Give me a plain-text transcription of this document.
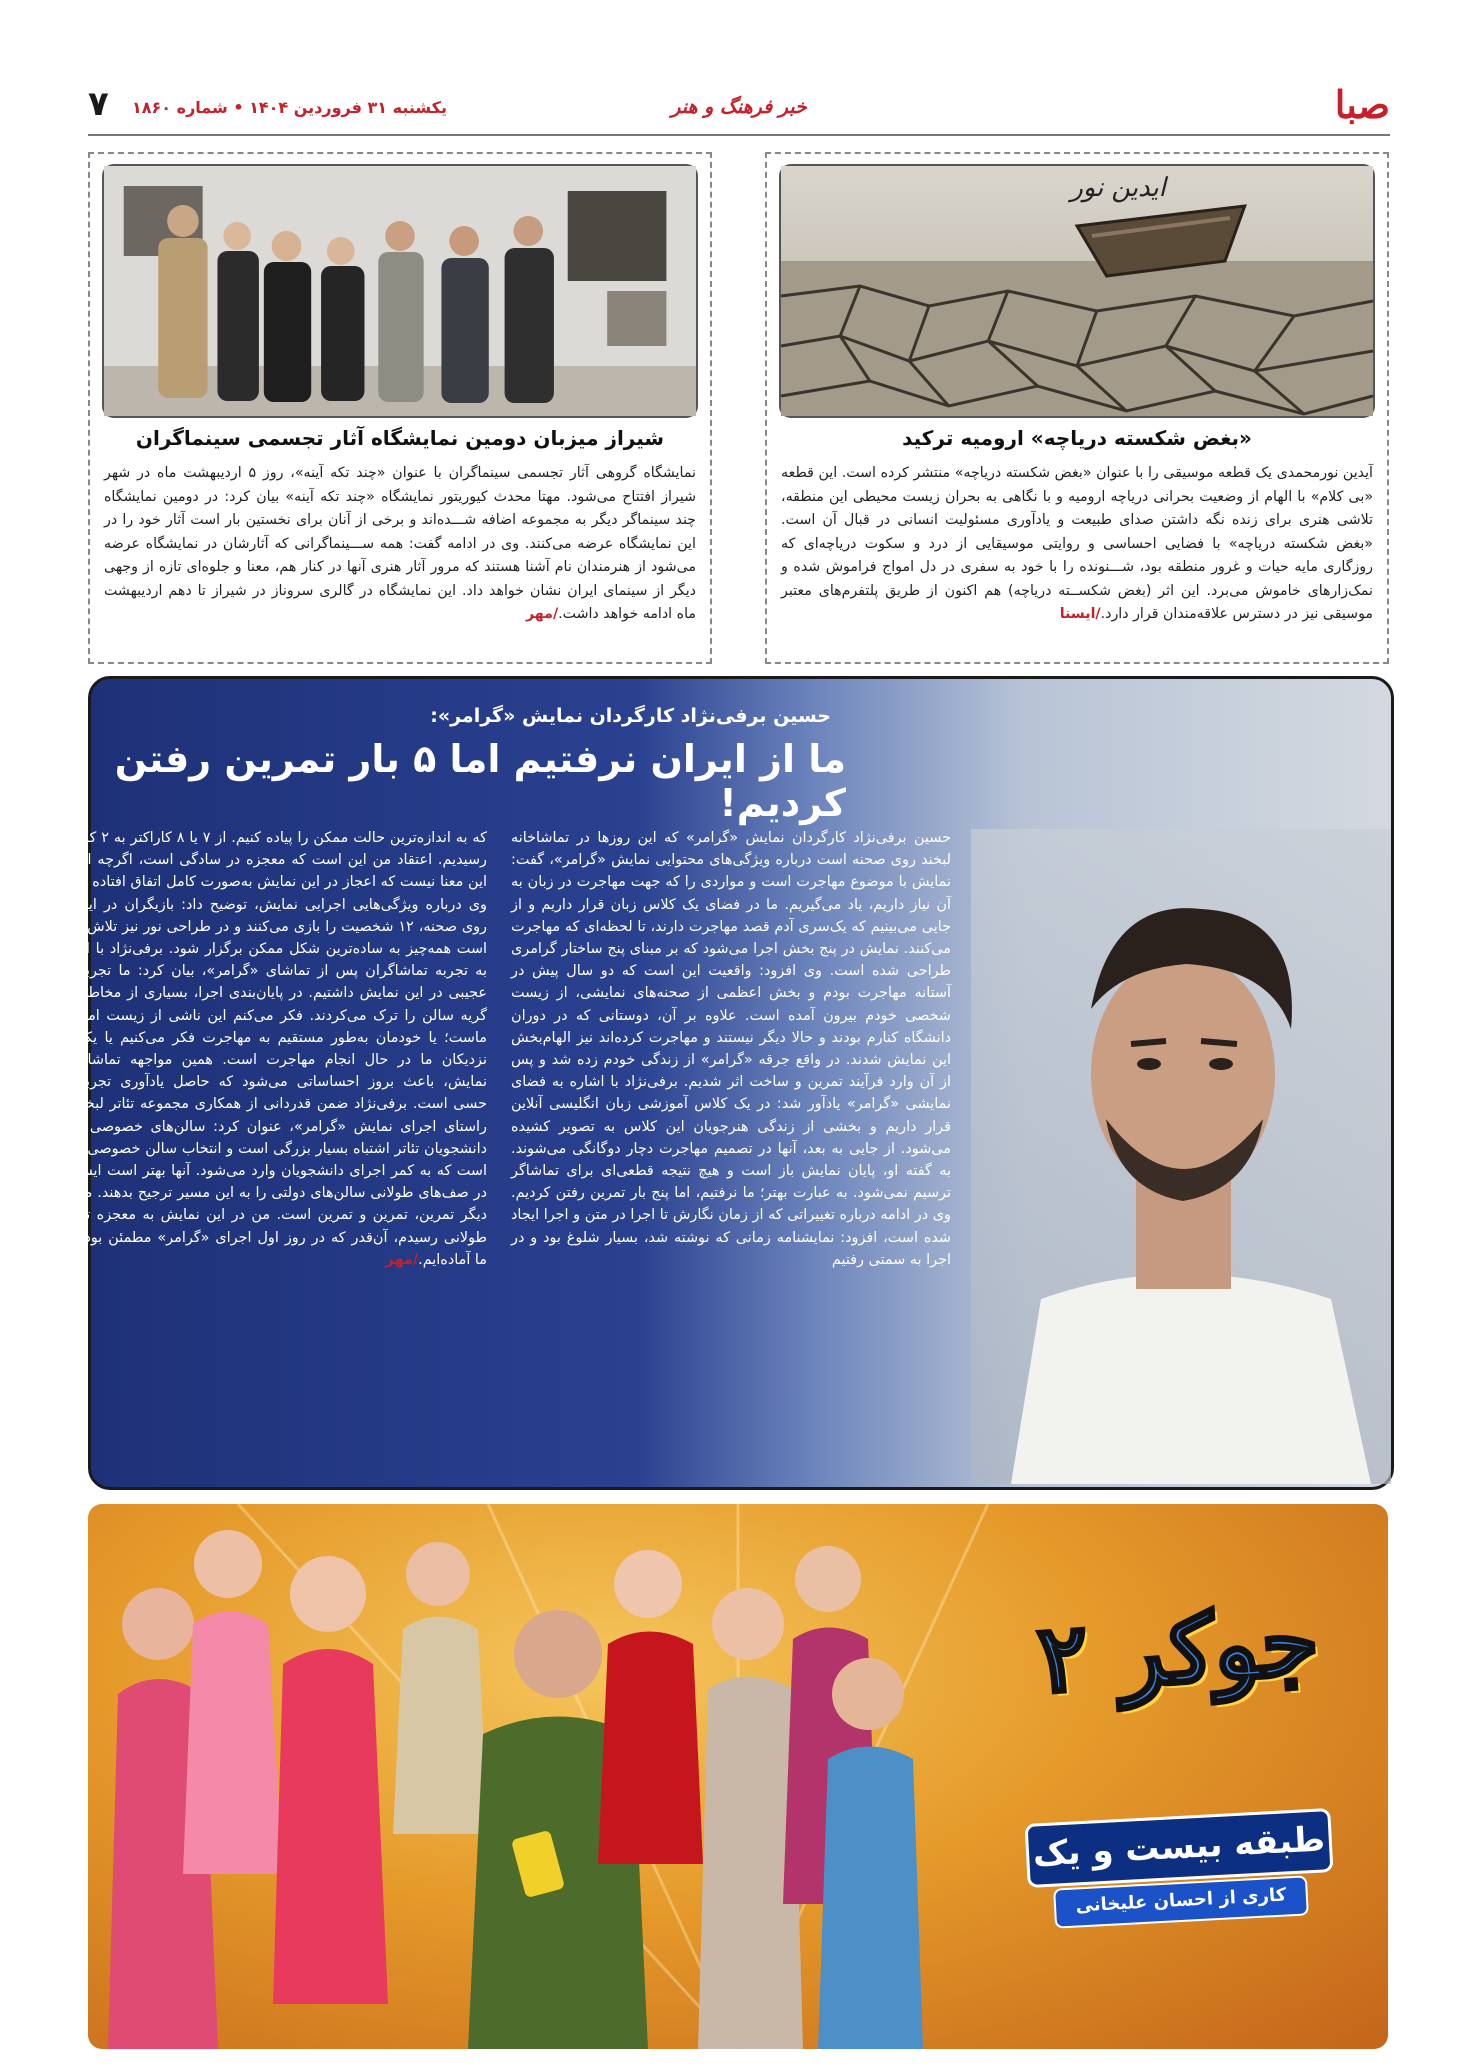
صبا
خبر فرهنگ و هنر
یکشنبه ۳۱ فروردین ۱۴۰۴ • شماره ۱۸۶۰
۷
ایدین نور
«بغض شکسته دریاچه» ارومیه ترکید
آیدین نورمحمدی یک قطعه موسیقی را با عنوان «بغض شکسته دریاچه» منتشر کرده است. این قطعه «بی کلام» با الهام از وضعیت بحرانی دریاچه ارومیه و با نگاهی به بحران زیست محیطی این منطقه، تلاشی هنری برای زنده نگه داشتن صدای طبیعت و یادآوری مسئولیت انسانی در قبال آن است. «بغض شکسته دریاچه» با فضایی احساسی و روایتی موسیقایی از درد و سکوت دریاچه‌ای که روزگاری مایه حیات و غرور منطقه بود، شـــنونده را با خود به سفری در دل امواج فراموش شده و نمک‌زارهای خاموش می‌برد. این اثر (بغض شکســته دریاچه) هم اکنون از طریق پلتفرم‌های معتبر موسیقی نیز در دسترس علاقه‌مندان قرار دارد./ایسنا
شیراز میزبان دومین نمایشگاه آثار تجسمی سینماگران
نمایشگاه گروهی آثار تجسمی سینماگران با عنوان «چند تکه آینه»، روز ۵ اردیبهشت ماه در شهر شیراز افتتاح می‌شود. مهتا محدث کیوریتور نمایشگاه «چند تکه آینه» بیان کرد: در دومین نمایشگاه چند سینماگر دیگر به مجموعه اضافه شـــده‌اند و برخی از آنان برای نخستین بار است آثار خود را در این نمایشگاه عرضه می‌کنند. وی در ادامه گفت: همه ســـینماگرانی که آثارشان در نمایشگاه عرضه می‌شود از هنرمندان نام آشنا هستند که مرور آثار هنری آنها در کنار هم، معنا و جلوه‌ای تازه از وجهی دیگر از سینمای ایران نشان خواهد داد. این نمایشگاه در گالری سروناز در شیراز تا دهم اردیبهشت ماه ادامه خواهد داشت./مهر
حسین برفی‌نژاد کارگردان نمایش «گرامر»:
ما از ایران نرفتیم اما ۵ بار تمرین رفتن کردیم!
حسین برفی‌نژاد کارگردان نمایش «گرامر» که این روزها در تماشاخانه لبخند روی صحنه است درباره ویژگی‌های محتوایی نمایش «گرامر»، گفت: نمایش با موضوع مهاجرت است و مواردی را که جهت مهاجرت در زبان به آن نیاز داریم، یاد می‌گیریم. ما در فضای یک کلاس زبان قرار داریم و از جایی می‌بینیم که یک‌سری آدم قصد مهاجرت دارند، تا لحظه‌ای که مهاجرت می‌کنند. نمایش در پنج بخش اجرا می‌شود که بر مبنای پنج ساختار گرامری طراحی شده است. وی افزود: واقعیت این است که دو سال پیش در آستانه مهاجرت بودم و بخش اعظمی از صحنه‌های نمایشی، از زیست شخصی خودم بیرون آمده است. علاوه بر آن، دوستانی که در دوران دانشگاه کنارم بودند و حالا دیگر نیستند و مهاجرت کرده‌اند نیز الهام‌بخش این نمایش شدند. در واقع جرقه «گرامر» از زندگی خودم زده شد و پس از آن وارد فرآیند تمرین و ساخت اثر شدیم. برفی‌نژاد با اشاره به فضای نمایشی «گرامر» یادآور شد: در یک کلاس آموزشی زبان انگلیسی آنلاین قرار داریم و بخشی از زندگی هنرجویان این کلاس به تصویر کشیده می‌شود. از جایی به بعد، آنها در تصمیم مهاجرت دچار دوگانگی می‌شوند. به گفته او، پایان نمایش باز است و هیچ نتیجه قطعی‌ای برای تماشاگر ترسیم نمی‌شود. به عبارت بهتر؛ ما نرفتیم، اما پنج بار تمرین رفتن کردیم. وی در ادامه درباره تغییراتی که از زمان نگارش تا اجرا در متن و اجرا ایجاد شده است، افزود: نمایشنامه زمانی که نوشته شد، بسیار شلوغ بود و در اجرا به سمتی رفتیم
که به اندازه‌ترین حالت ممکن را پیاده کنیم. از ۷ یا ۸ کاراکتر به ۲ کاراکتر رسیدیم. اعتقاد من این است که معجزه در سادگی است، اگرچه این به این معنا نیست که اعجاز در این نمایش به‌صورت کامل اتفاق افتاده باشد. وی درباره ویژگی‌هایی اجرایی نمایش، توضیح داد: بازیگران در این اثر روی صحنه، ۱۲ شخصیت را بازی می‌کنند و در طراحی نور نیز تلاش شده است همه‌چیز به ساده‌ترین شکل ممکن برگزار شود. برفی‌نژاد با اشاره به تجربه تماشاگران پس از تماشای «گرامر»، بیان کرد: ما تجربه‌های عجیبی در این نمایش داشتیم. در پایان‌بندی اجرا، بسیاری از مخاطبان با گریه سالن را ترک می‌کردند. فکر می‌کنم این ناشی از زیست امروزی ماست؛ یا خودمان به‌طور مستقیم به مهاجرت فکر می‌کنیم یا یکی از نزدیکان ما در حال انجام مهاجرت است. همین مواجهه تماشاگر با نمایش، باعث بروز احساساتی می‌شود که حاصل یادآوری تجربه‌های حسی است. برفی‌نژاد ضمن قدردانی از همکاری مجموعه تئاتر لبخند در راستای اجرای نمایش «گرامر»، عنوان کرد: سالن‌های خصوصی برای دانشجویان تئاتر اشتباه بسیار بزرگی است و انتخاب سالن خصوصی تیری است که به کمر اجرای دانشجویان وارد می‌شود. آنها بهتر است ایستادن در صف‌های طولانی سالن‌های دولتی را به این مسیر ترجیح بدهند. مسئله دیگر تمرین، تمرین و تمرین است. من در این نمایش به معجزه تمرین طولانی رسیدم، آن‌قدر که در روز اول اجرای «گرامر» مطمئن بودم که ما آماده‌ایم./مهر
جوکر ۲
طبقه بیست و یک
کاری از احسان علیخانی
